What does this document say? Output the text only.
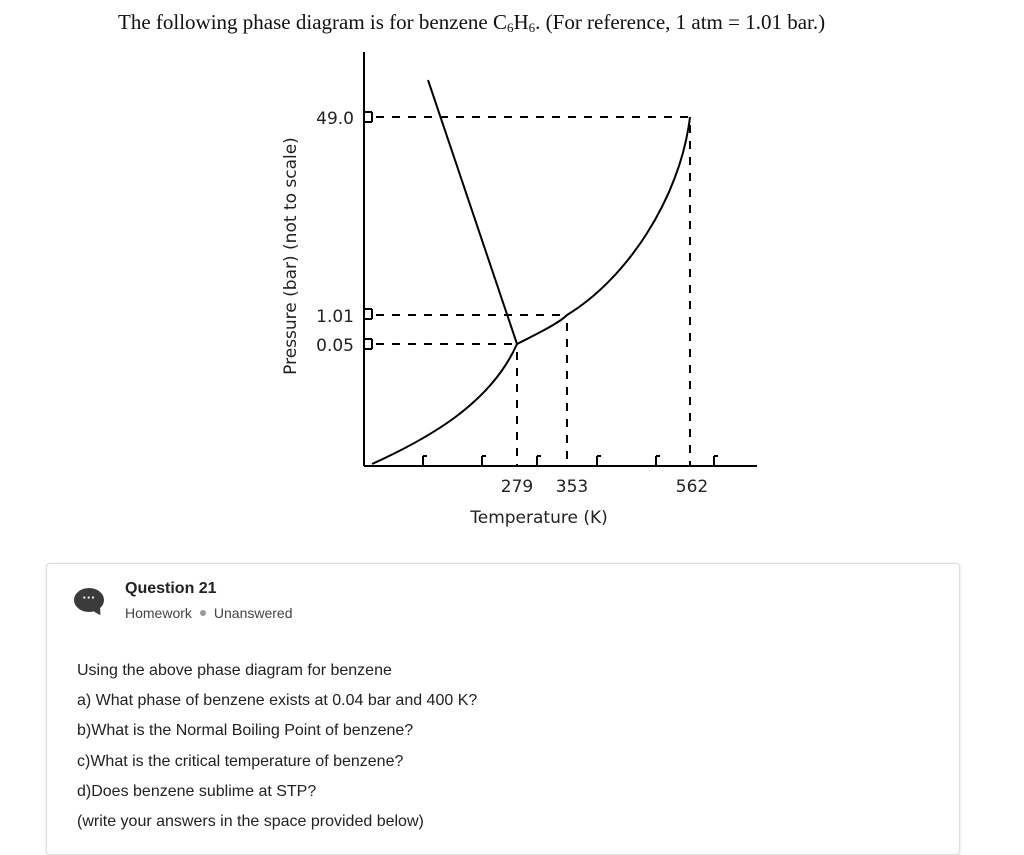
The following phase diagram is for benzene $C_6H_6$. (For reference, 1 atm = 1.01 bar.)
49.0
1.01
0.05
279 353	562
Temperature (K)
Pressure (bar) (not to scale)
···
Question 21
Homework Unanswered
Using the above phase diagram for benzene
a) What phase of benzene exists at 0.04 bar and 400 K?
b)What is the Normal Boiling Point of benzene?
c)What is the critical temperature of benzene?
d)Does benzene sublime at STP?
(write your answers in the space provided below)
